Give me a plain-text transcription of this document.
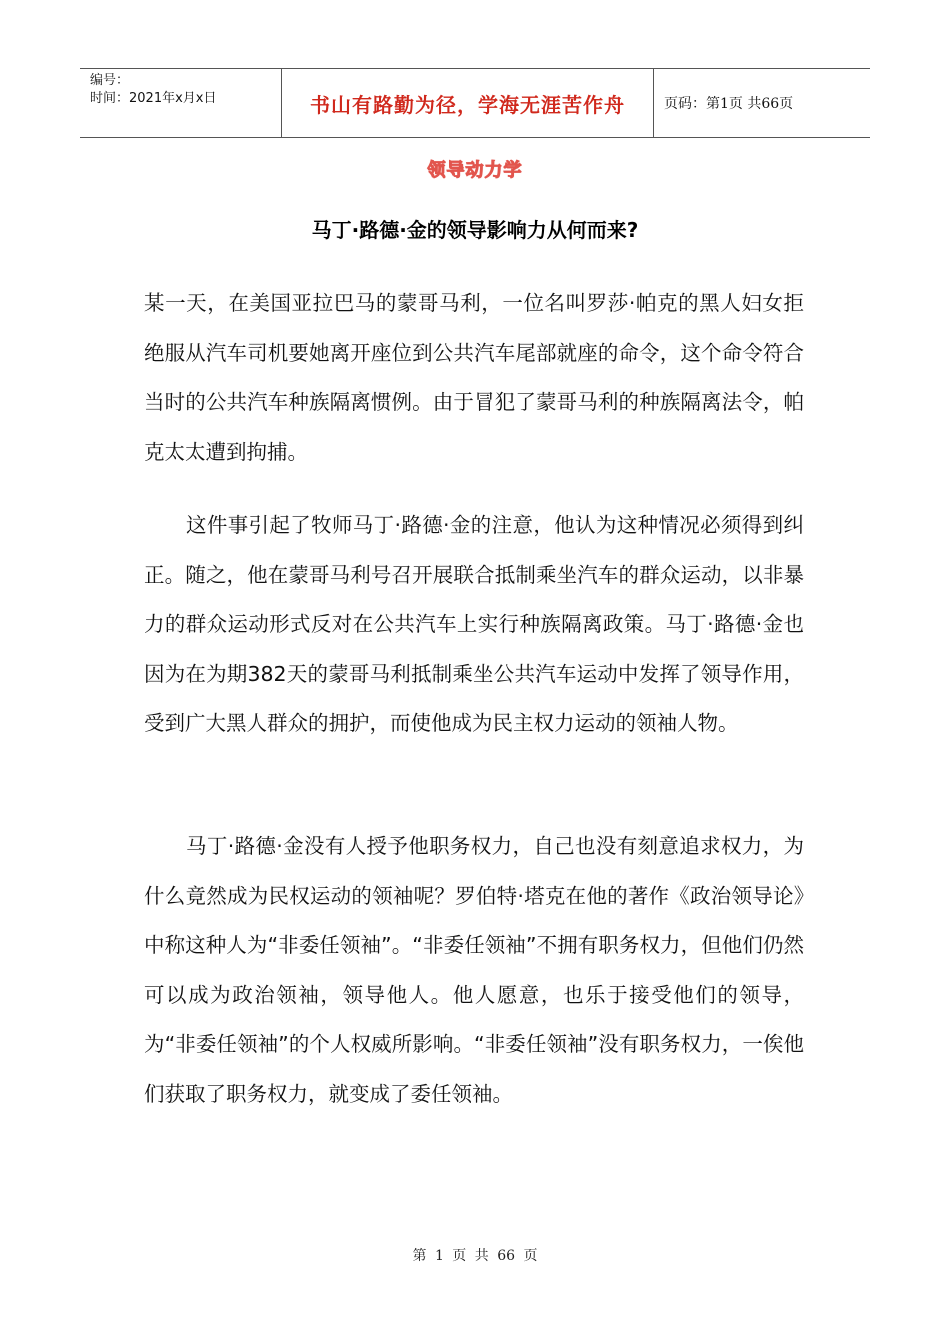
编号：
时间：2021年x月x日	书山有路勤为径，学海无涯苦作舟	页码：第1页 共66页
领导动力学
马丁·路德·金的领导影响力从何而来?

某一天，在美国亚拉巴马的蒙哥马利，一位名叫罗莎·帕克的黑人妇女拒绝服从汽车司机要她离开座位到公共汽车尾部就座的命令，这个命令符合当时的公共汽车种族隔离惯例。由于冒犯了蒙哥马利的种族隔离法令，帕克太太遭到拘捕。

这件事引起了牧师马丁·路德·金的注意，他认为这种情况必须得到纠正。随之，他在蒙哥马利号召开展联合抵制乘坐汽车的群众运动，以非暴力的群众运动形式反对在公共汽车上实行种族隔离政策。马丁·路德·金也因为在为期382天的蒙哥马利抵制乘坐公共汽车运动中发挥了领导作用，受到广大黑人群众的拥护，而使他成为民主权力运动的领袖人物。

马丁·路德·金没有人授予他职务权力，自己也没有刻意追求权力，为什么竟然成为民权运动的领袖呢？罗伯特·塔克在他的著作《政治领导论》中称这种人为“非委任领袖”。“非委任领袖”不拥有职务权力，但他们仍然可以成为政治领袖，领导他人。他人愿意，也乐于接受他们的领导，为“非委任领袖”的个人权威所影响。“非委任领袖”没有职务权力，一俟他们获取了职务权力，就变成了委任领袖。

第 1 页 共 66 页
